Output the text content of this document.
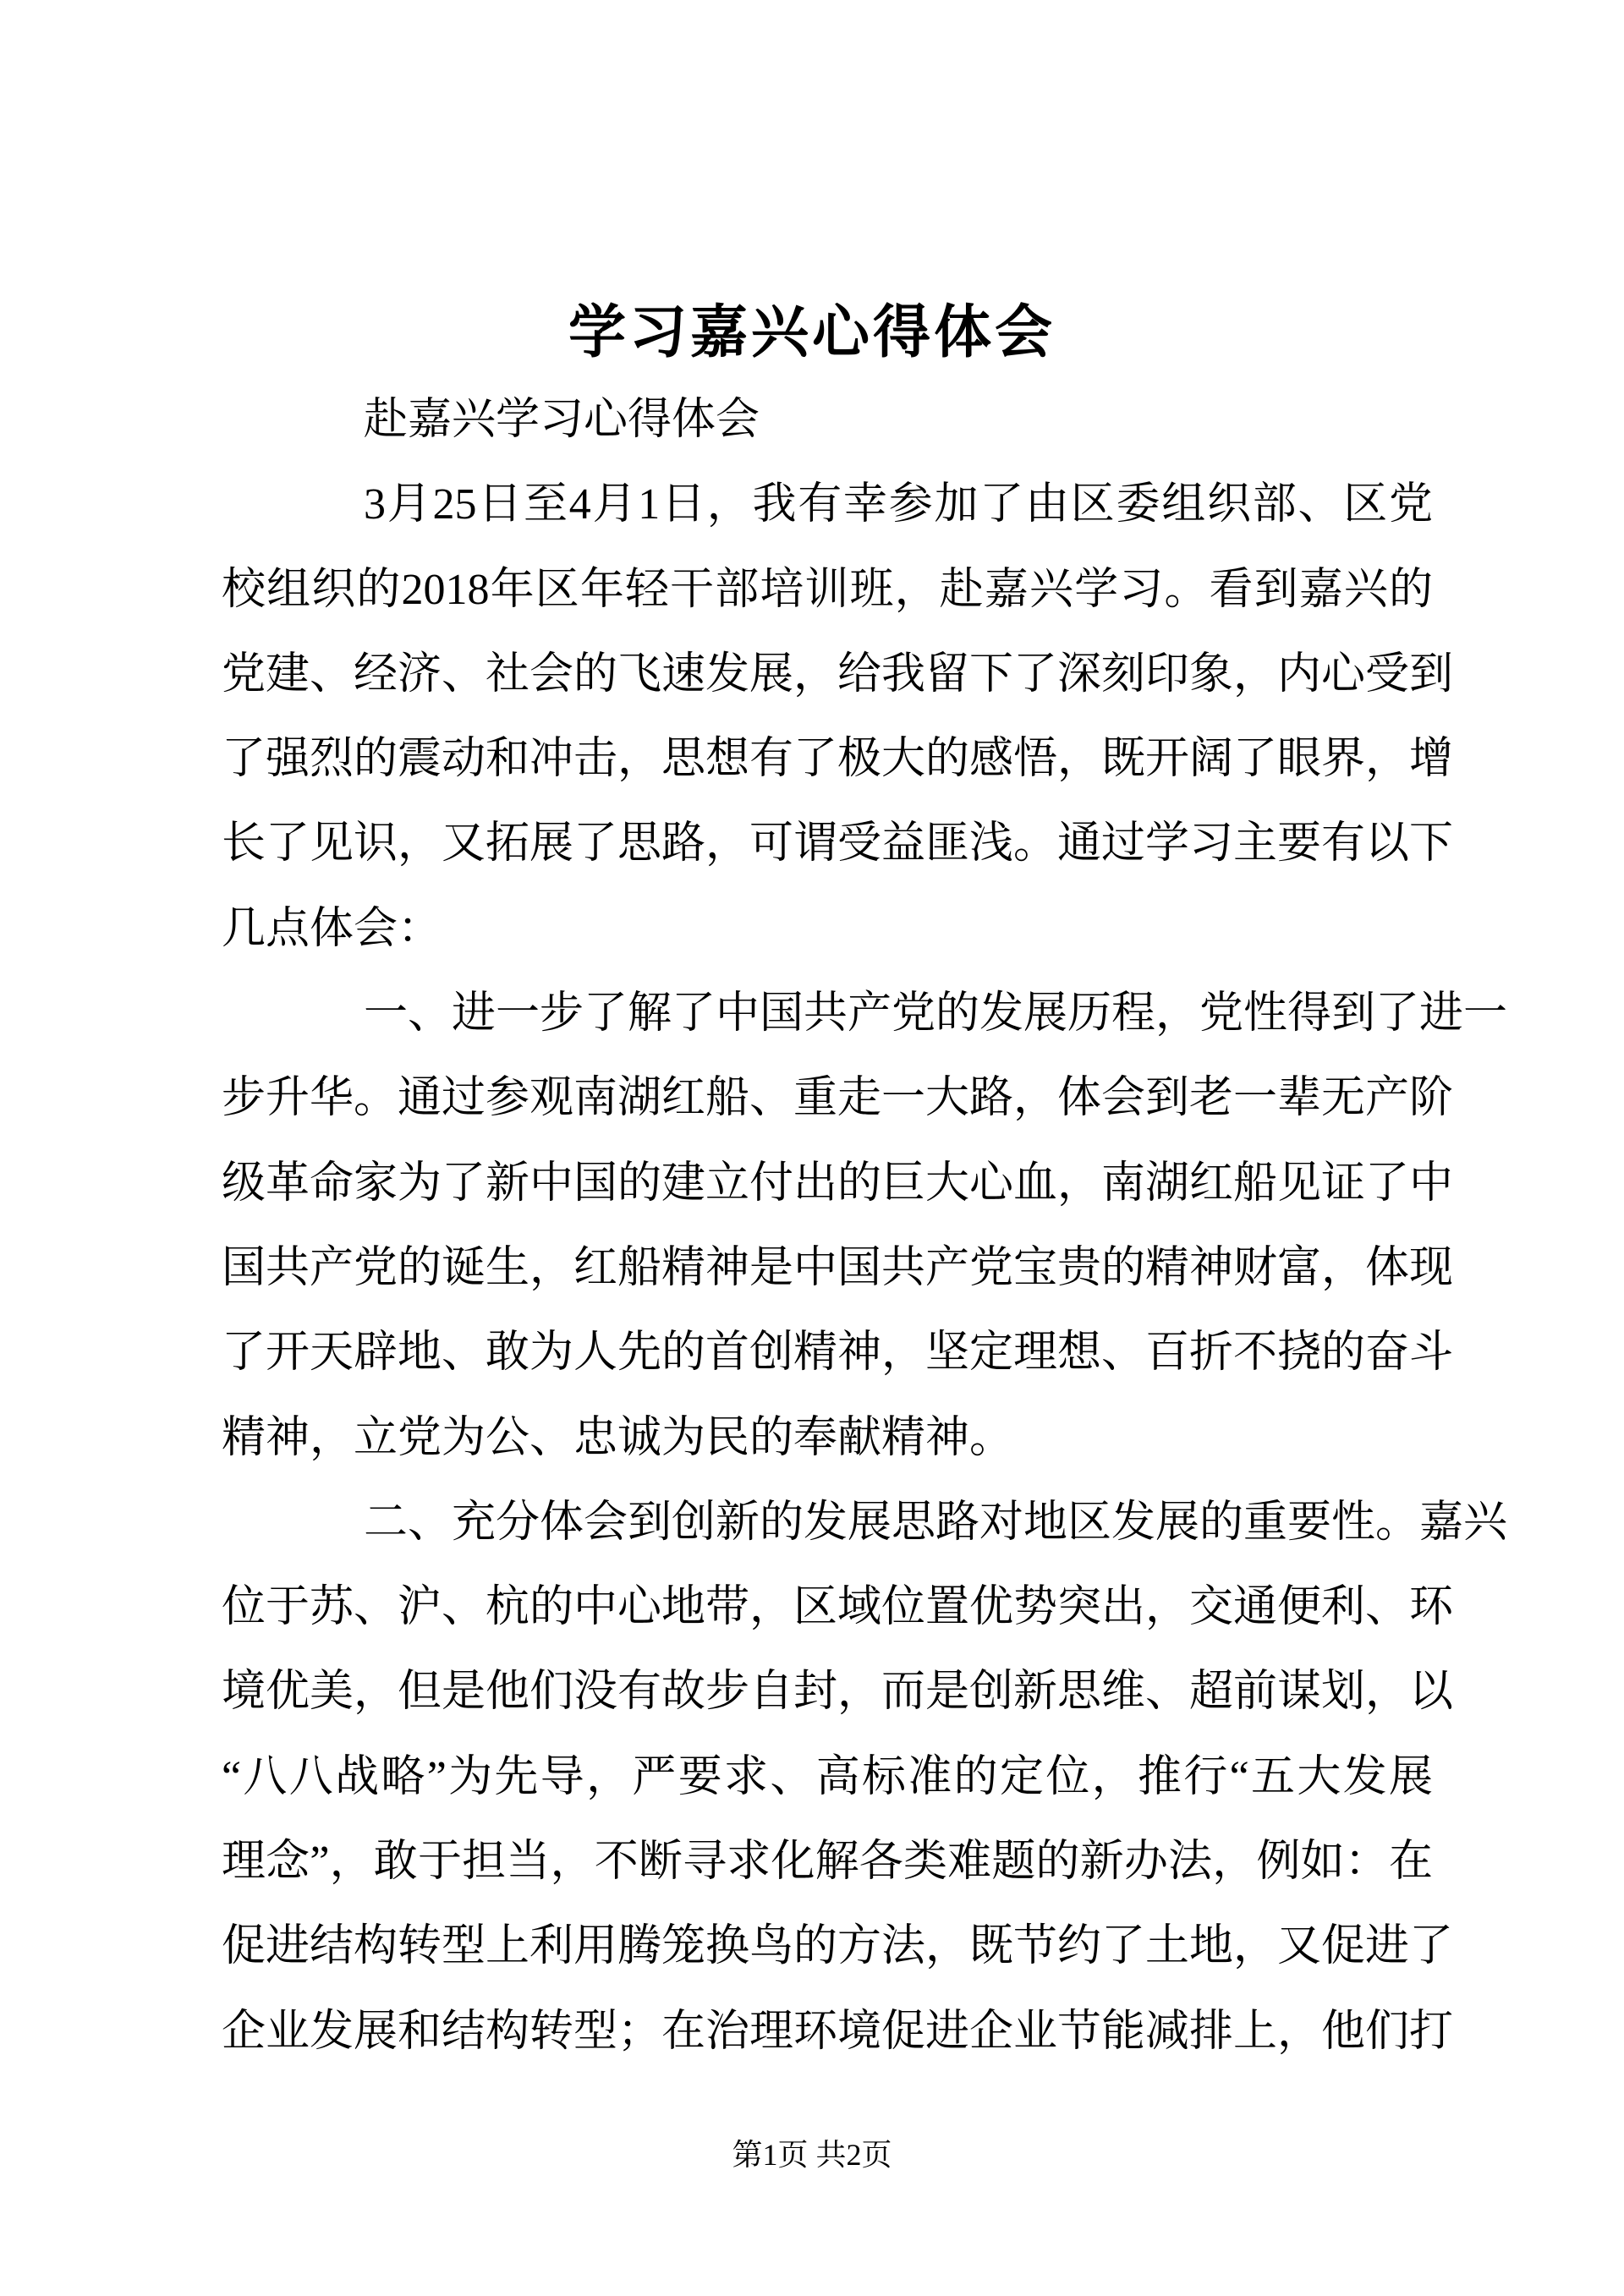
学习嘉兴心得体会
赴嘉兴学习心得体会
3月25日至4月1日，我有幸参加了由区委组织部、区党
校组织的2018年区年轻干部培训班，赴嘉兴学习。看到嘉兴的
党建、经济、社会的飞速发展，给我留下了深刻印象，内心受到
了强烈的震动和冲击，思想有了极大的感悟，既开阔了眼界，增
长了见识，又拓展了思路，可谓受益匪浅。通过学习主要有以下
几点体会：
一、进一步了解了中国共产党的发展历程，党性得到了进一
步升华。通过参观南湖红船、重走一大路，体会到老一辈无产阶
级革命家为了新中国的建立付出的巨大心血，南湖红船见证了中
国共产党的诞生，红船精神是中国共产党宝贵的精神财富，体现
了开天辟地、敢为人先的首创精神，坚定理想、百折不挠的奋斗
精神，立党为公、忠诚为民的奉献精神。
二、充分体会到创新的发展思路对地区发展的重要性。嘉兴
位于苏、沪、杭的中心地带，区域位置优势突出，交通便利、环
境优美，但是他们没有故步自封，而是创新思维、超前谋划，以
“八八战略”为先导，严要求、高标准的定位，推行“五大发展
理念”，敢于担当，不断寻求化解各类难题的新办法，例如：在
促进结构转型上利用腾笼换鸟的方法，既节约了土地，又促进了
企业发展和结构转型；在治理环境促进企业节能减排上，他们打
第1页 共2页
